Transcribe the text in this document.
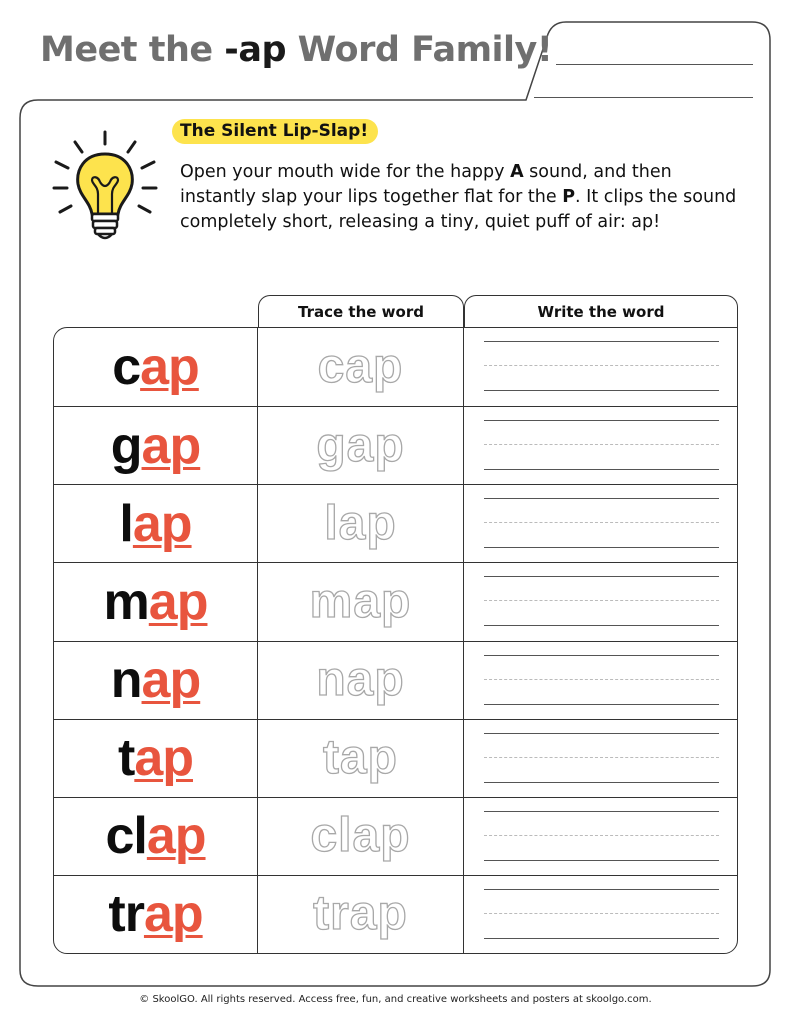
Meet the -ap Word Family!
The Silent Lip-Slap!
Open your mouth wide for the happy A sound, and then instantly slap your lips together flat for the P. It clips the sound completely short, releasing a tiny, quiet puff of air: ap!
Trace the word	Write the word
cap cap
gap gap
lap	lap
map map
nap nap
tap	tap
clap clap
trap trap
© SkoolGO. All rights reserved. Access free, fun, and creative worksheets and posters at skoolgo.com.
